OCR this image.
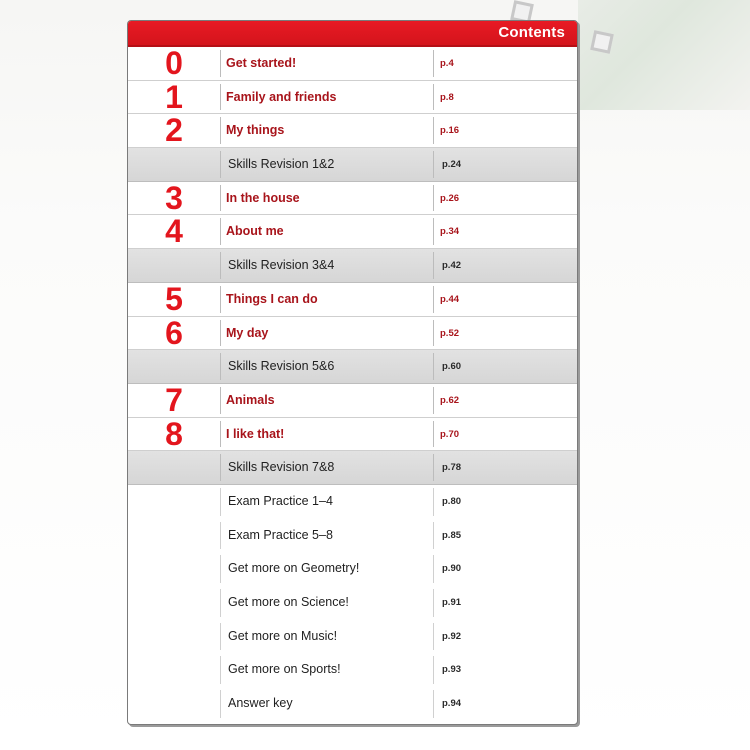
Contents
0	Get started!	p.4
1	Family and friends	p.8
2	My things	p.16
Skills Revision 1&2	p.24
3	In the house	p.26
4	About me	p.34
Skills Revision 3&4	p.42
5	Things I can do	p.44
6	My day	p.52
Skills Revision 5&6	p.60
7	Animals	p.62
8	I like that!	p.70
Skills Revision 7&8	p.78
Exam Practice 1–4	p.80
Exam Practice 5–8	p.85
Get more on Geometry!	p.90
Get more on Science!	p.91
Get more on Music!	p.92
Get more on Sports!	p.93
Answer key	p.94
